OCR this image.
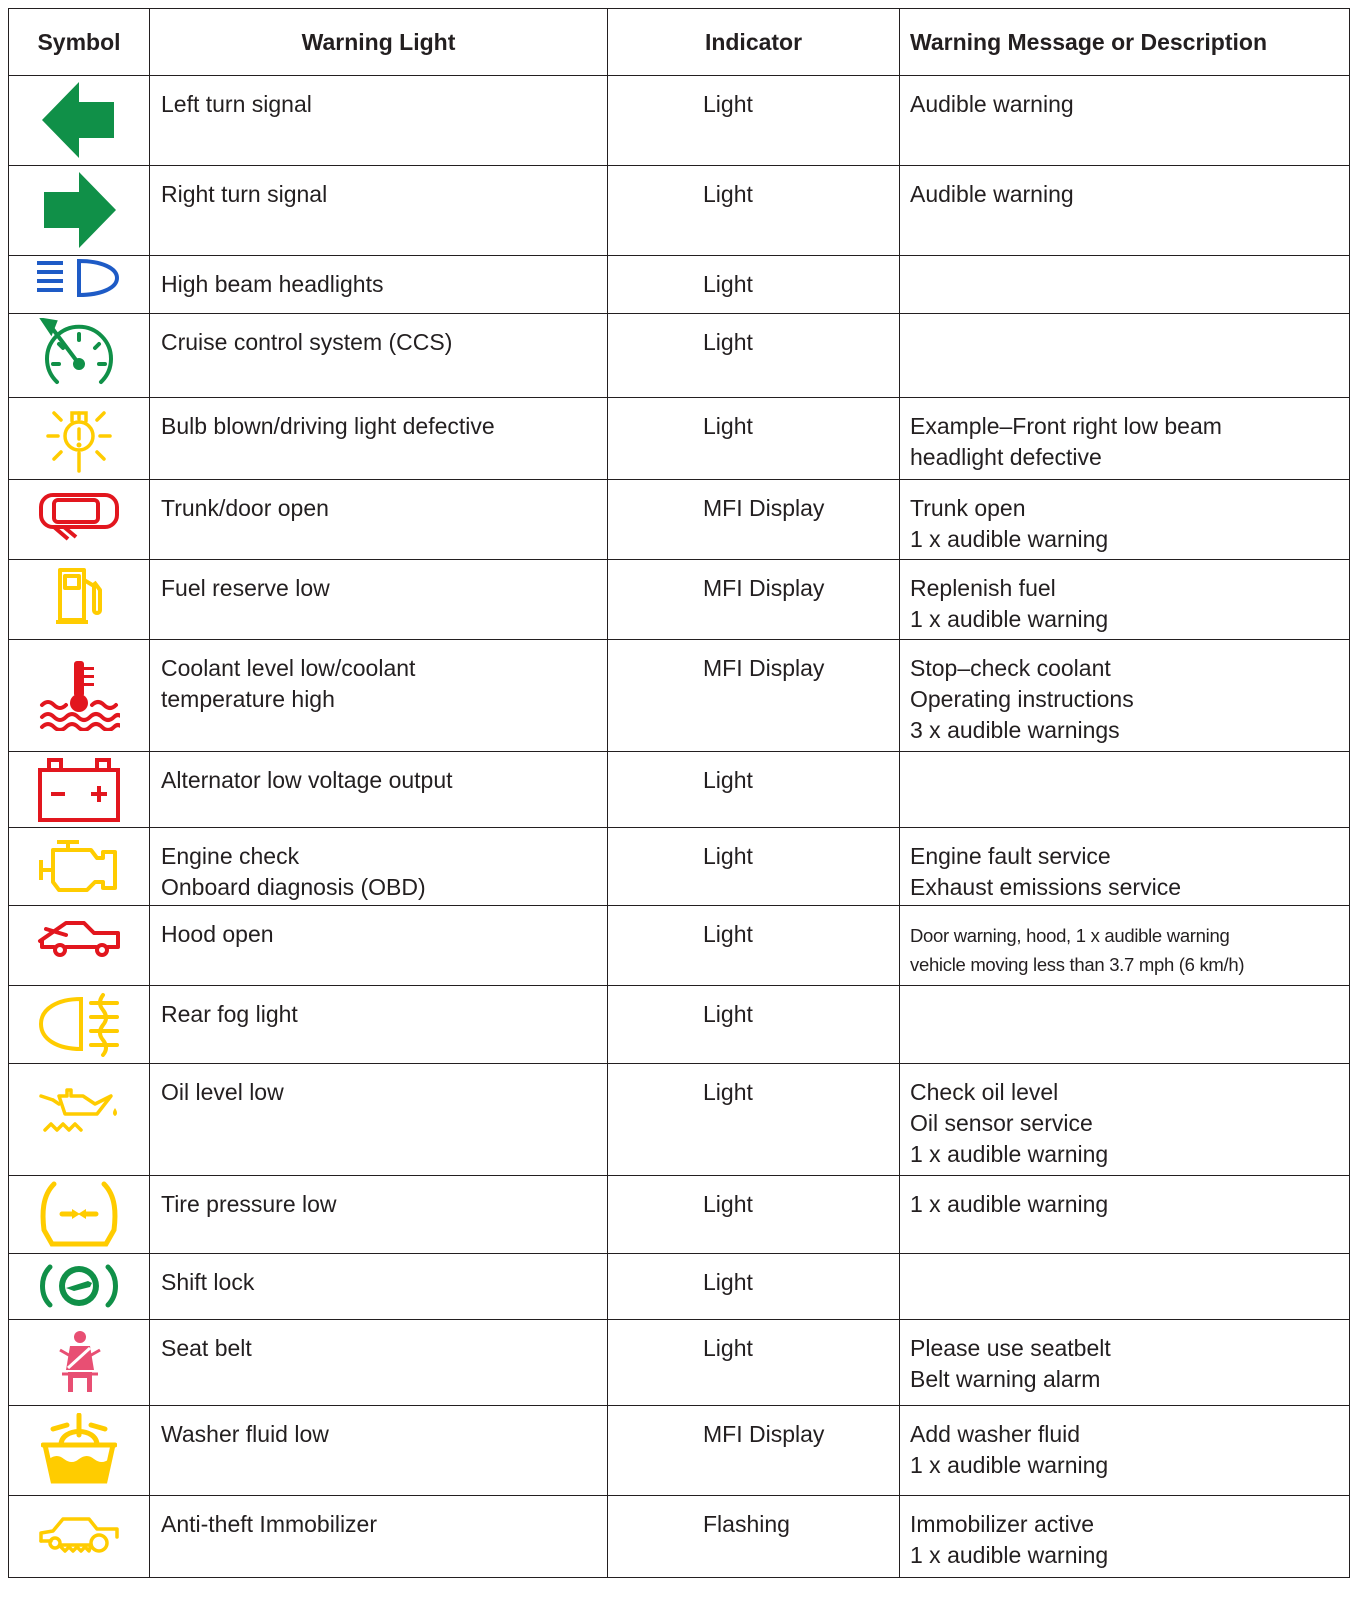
Symbol	Warning Light	Indicator	Warning Message or Description

Left turn signal	Light	Audible warning

Right turn signal	Light	Audible warning

High beam headlights	Light	

Cruise control system (CCS)	Light	

Bulb blown/driving light defective	Light	Example–Front right low beam
headlight defective

Trunk/door open	MFI Display	Trunk open
1 x audible warning

Fuel reserve low	MFI Display	Replenish fuel
1 x audible warning

Coolant level low/coolant
temperature high	MFI Display	Stop–check coolant
Operating instructions
3 x audible warnings

Alternator low voltage output	Light	

Engine check
Onboard diagnosis (OBD)	Light	Engine fault service
Exhaust emissions service

Hood open	Light	Door warning, hood, 1 x audible warning
vehicle moving less than 3.7 mph (6 km/h)

Rear fog light	Light	

Oil level low	Light	Check oil level
Oil sensor service
1 x audible warning

Tire pressure low	Light	1 x audible warning

Shift lock	Light	

Seat belt	Light	Please use seatbelt
Belt warning alarm

Washer fluid low	MFI Display	Add washer fluid
1 x audible warning

Anti-theft Immobilizer	Flashing	Immobilizer active
1 x audible warning
